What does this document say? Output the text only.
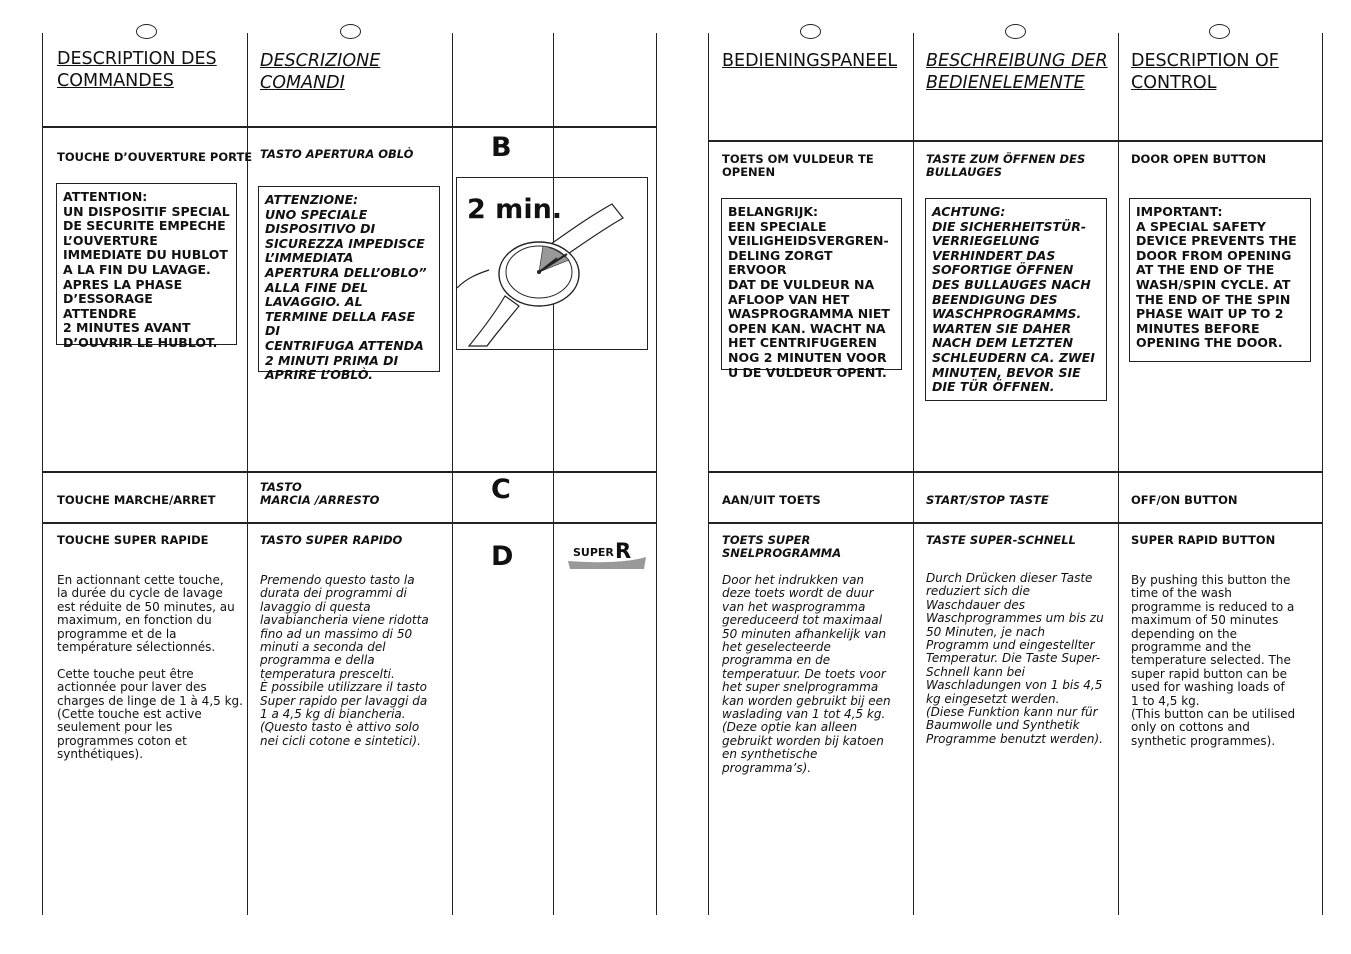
DESCRIPTION DES
COMMANDES
TOUCHE D’OUVERTURE PORTE
ATTENTION:
UN DISPOSITIF SPECIAL
DE SECURITE EMPECHE
L’OUVERTURE
IMMEDIATE DU HUBLOT
A LA FIN DU LAVAGE.
APRES LA PHASE
D’ESSORAGE ATTENDRE
2 MINUTES AVANT
D’OUVRIR LE HUBLOT.
TOUCHE MARCHE/ARRET
TOUCHE SUPER RAPIDE
En actionnant cette touche,
la durée du cycle de lavage
est réduite de 50 minutes, au
maximum, en fonction du
programme et de la
température sélectionnés.

Cette touche peut être
actionnée pour laver des
charges de linge de 1 à 4,5 kg.
(Cette touche est active
seulement pour les
programmes coton et
synthétiques).
DESCRIZIONE
COMANDI
TASTO APERTURA OBLÒ
ATTENZIONE:
UNO SPECIALE
DISPOSITIVO DI
SICUREZZA IMPEDISCE
L’IMMEDIATA
APERTURA DELL’OBLO”
ALLA FINE DEL
LAVAGGIO. AL
TERMINE DELLA FASE DI
CENTRIFUGA ATTENDA
2 MINUTI PRIMA DI
APRIRE L’OBLÒ.
TASTO
MARCIA /ARRESTO
TASTO SUPER RAPIDO
Premendo questo tasto la
durata dei programmi di
lavaggio di questa
lavabiancheria viene ridotta
fino ad un massimo di 50
minuti a seconda del
programma e della
temperatura prescelti.
È possibile utilizzare il tasto
Super rapido per lavaggi da
1 a 4,5 kg di biancheria.
(Questo tasto è attivo solo
nei cicli cotone e sintetici).
B
2 min.
C
D	SUPER R
BEDIENINGSPANEEL
TOETS OM VULDEUR TE
OPENEN
BELANGRIJK:
EEN SPECIALE
VEILIGHEIDSVERGREN-
DELING ZORGT ERVOOR
DAT DE VULDEUR NA
AFLOOP VAN HET
WASPROGRAMMA NIET
OPEN KAN. WACHT NA
HET CENTRIFUGEREN
NOG 2 MINUTEN VOOR
U DE VULDEUR OPENT.
AAN/UIT TOETS
TOETS SUPER
SNELPROGRAMMA
Door het indrukken van
deze toets wordt de duur
van het wasprogramma
gereduceerd tot maximaal
50 minuten afhankelijk van
het geselecteerde
programma en de
temperatuur. De toets voor
het super snelprogramma
kan worden gebruikt bij een
waslading van 1 tot 4,5 kg.
(Deze optie kan alleen
gebruikt worden bij katoen
en synthetische
programma’s).
BESCHREIBUNG DER
BEDIENELEMENTE
TASTE ZUM ÖFFNEN DES
BULLAUGES
ACHTUNG:
DIE SICHERHEITSTÜR-
VERRIEGELUNG
VERHINDERT DAS
SOFORTIGE ÖFFNEN
DES BULLAUGES NACH
BEENDIGUNG DES
WASCHPROGRAMMS.
WARTEN SIE DAHER
NACH DEM LETZTEN
SCHLEUDERN CA. ZWEI
MINUTEN, BEVOR SIE
DIE TÜR ÖFFNEN.
START/STOP TASTE
TASTE SUPER-SCHNELL
Durch Drücken dieser Taste
reduziert sich die
Waschdauer des
Waschprogrammes um bis zu
50 Minuten, je nach
Programm und eingestellter
Temperatur. Die Taste Super-
Schnell kann bei
Waschladungen von 1 bis 4,5
kg eingesetzt werden.
(Diese Funktion kann nur für
Baumwolle und Synthetik
Programme benutzt werden).
DESCRIPTION OF
CONTROL
DOOR OPEN BUTTON
IMPORTANT:
A SPECIAL SAFETY
DEVICE PREVENTS THE
DOOR FROM OPENING
AT THE END OF THE
WASH/SPIN CYCLE. AT
THE END OF THE SPIN
PHASE WAIT UP TO 2
MINUTES BEFORE
OPENING THE DOOR.
OFF/ON BUTTON
SUPER RAPID BUTTON
By pushing this button the
time of the wash
programme is reduced to a
maximum of 50 minutes
depending on the
programme and the
temperature selected. The
super rapid button can be
used for washing loads of
1 to 4,5 kg.
(This button can be utilised
only on cottons and
synthetic programmes).
